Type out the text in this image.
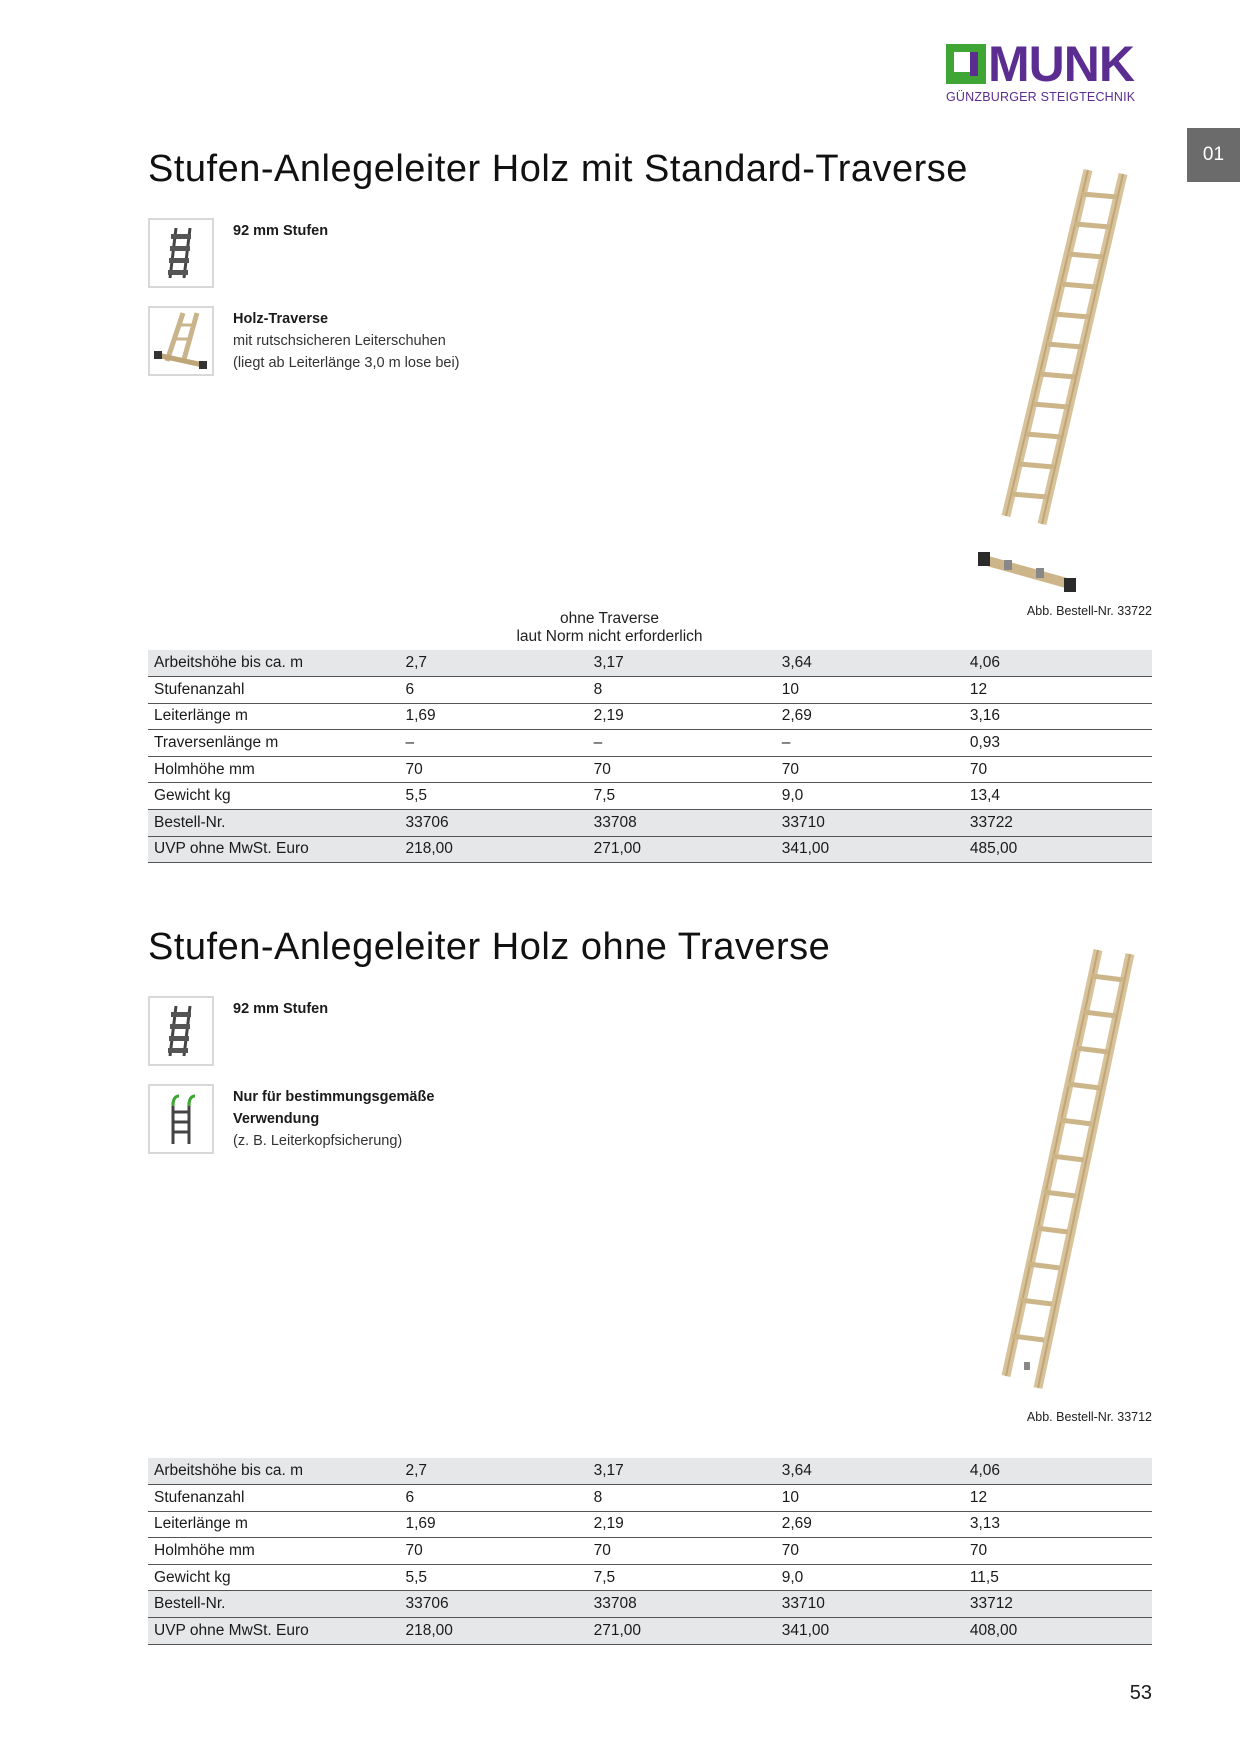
MUNK
GÜNZBURGER STEIGTECHNIK
01
Stufen-Anlegeleiter Holz mit Standard-Traverse
92 mm Stufen
Holz-Traverse
mit rutschsicheren Leiterschuhen
(liegt ab Leiterlänge 3,0 m lose bei)
Abb. Bestell-Nr. 33722
ohne Traverse
laut Norm nicht erforderlich
Arbeitshöhe bis ca. m	2,7	3,17	3,64	4,06
Stufenanzahl	6	8	10	12
Leiterlänge m	1,69	2,19	2,69	3,16
Traversenlänge m	–	–	–	0,93
Holmhöhe mm	70	70	70	70
Gewicht kg	5,5	7,5	9,0	13,4
Bestell-Nr.	33706	33708	33710	33722
UVP ohne MwSt. Euro	218,00	271,00	341,00	485,00
Stufen-Anlegeleiter Holz ohne Traverse
92 mm Stufen
Nur für bestimmungsgemäße
Verwendung
(z. B. Leiterkopfsicherung)
Abb. Bestell-Nr. 33712
Arbeitshöhe bis ca. m	2,7	3,17	3,64	4,06
Stufenanzahl	6	8	10	12
Leiterlänge m	1,69	2,19	2,69	3,13
Holmhöhe mm	70	70	70	70
Gewicht kg	5,5	7,5	9,0	11,5
Bestell-Nr.	33706	33708	33710	33712
UVP ohne MwSt. Euro	218,00	271,00	341,00	408,00
53
